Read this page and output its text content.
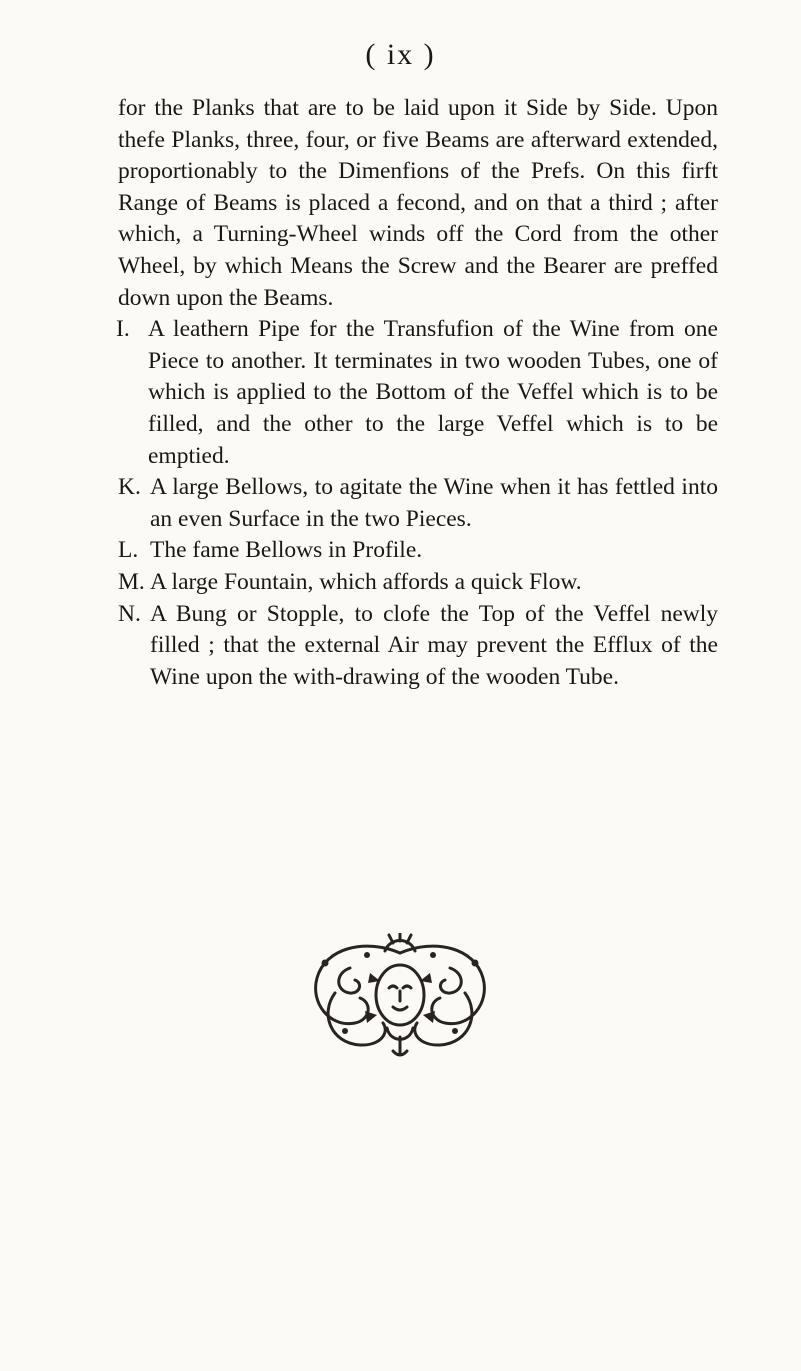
( ix )

for the Planks that are to be laid upon it Side by Side. Upon thefe Planks, three, four, or five Beams are afterward extended, proportionably to the Dimenfions of the Prefs. On this firft Range of Beams is placed a fecond, and on that a third ; after which, a Turning-Wheel winds off the Cord from the other Wheel, by which Means the Screw and the Bearer are preffed down upon the Beams.

I. A leathern Pipe for the Transfufion of the Wine from one Piece to another. It terminates in two wooden Tubes, one of which is applied to the Bottom of the Veffel which is to be filled, and the other to the large Veffel which is to be emptied.
K. A large Bellows, to agitate the Wine when it has fettled into an even Surface in the two Pieces.
L. The fame Bellows in Profile.
M. A large Fountain, which affords a quick Flow.
N. A Bung or Stopple, to clofe the Top of the Veffel newly filled ; that the external Air may prevent the Efflux of the Wine upon the with-drawing of the wooden Tube.
